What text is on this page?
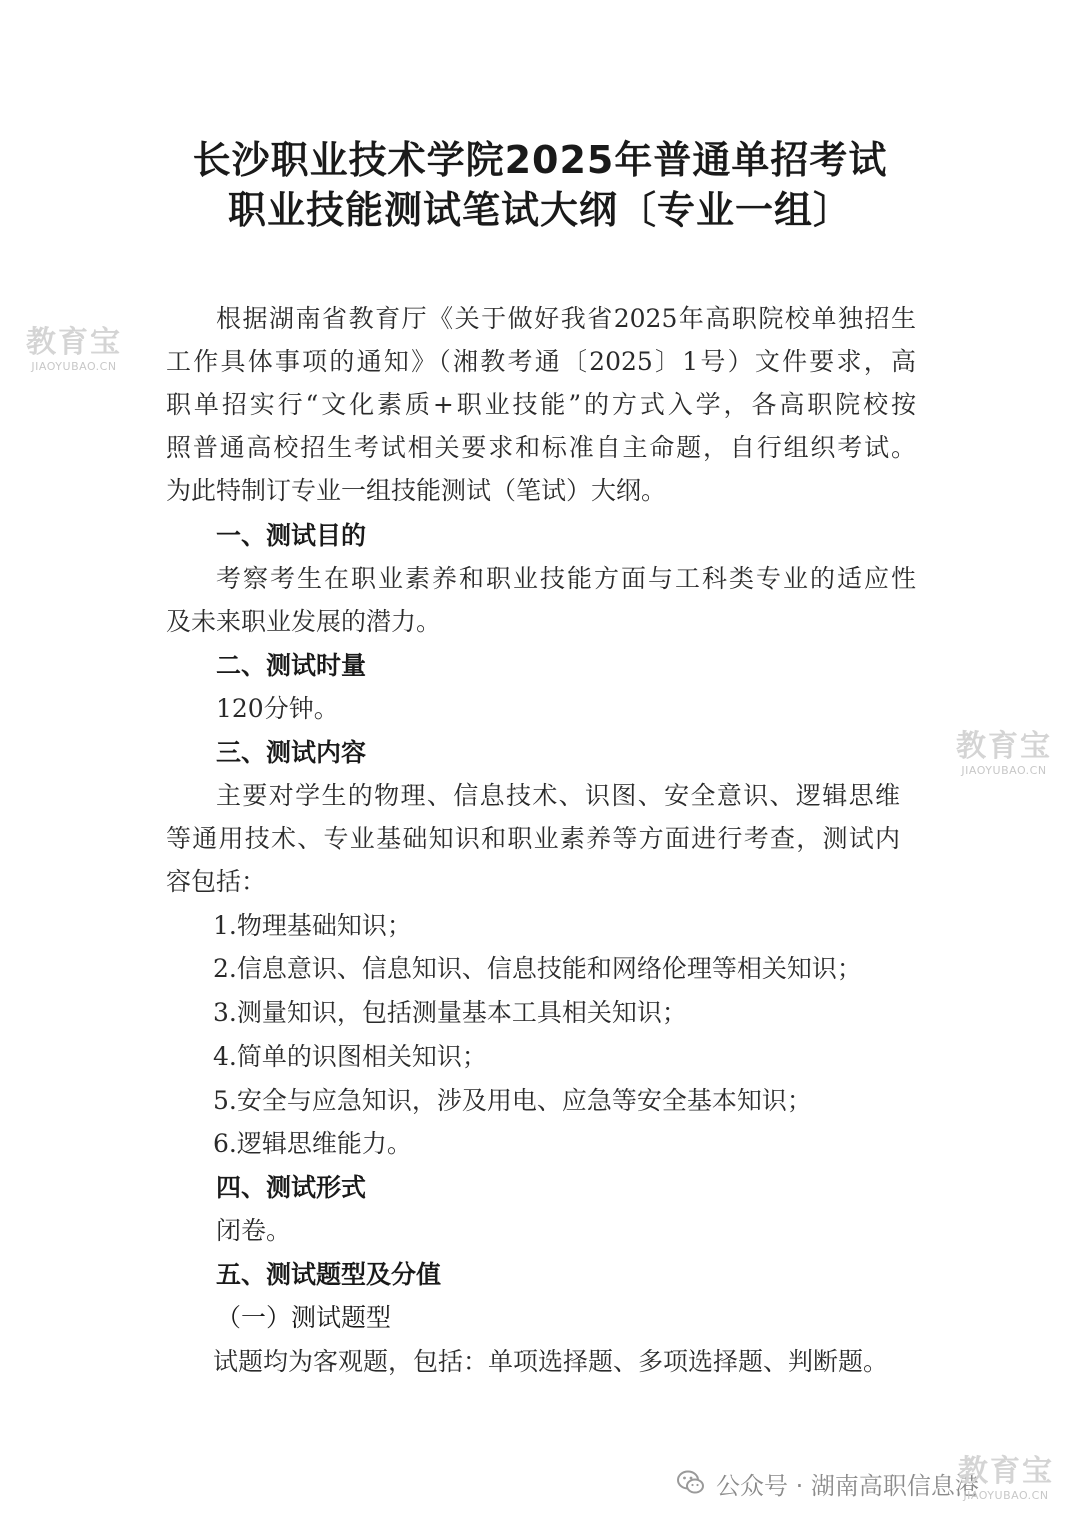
长沙职业技术学院2025年普通单招考试
职业技能测试笔试大纲〔专业一组〕
根据湖南省教育厅《关于做好我省2025年高职院校单独招生
工作具体事项的通知》（湘教考通〔2025〕1号）文件要求，高
职单招实行“文化素质+职业技能”的方式入学，各高职院校按
照普通高校招生考试相关要求和标准自主命题，自行组织考试。
为此特制订专业一组技能测试（笔试）大纲。
一、测试目的
考察考生在职业素养和职业技能方面与工科类专业的适应性
及未来职业发展的潜力。
二、测试时量
120分钟。
三、测试内容
主要对学生的物理、信息技术、识图、安全意识、逻辑思维
等通用技术、专业基础知识和职业素养等方面进行考查，测试内
容包括：
1.物理基础知识；
2.信息意识、信息知识、信息技能和网络伦理等相关知识；
3.测量知识，包括测量基本工具相关知识；
4.简单的识图相关知识；
5.安全与应急知识，涉及用电、应急等安全基本知识；
6.逻辑思维能力。
四、测试形式
闭卷。
五、测试题型及分值
（一）测试题型
试题均为客观题，包括：单项选择题、多项选择题、判断题。
教育宝
JIAOYUBAO.CN
教育宝
JIAOYUBAO.CN
公众号 · 湖南高职信息港
教育宝
JIAOYUBAO.CN
